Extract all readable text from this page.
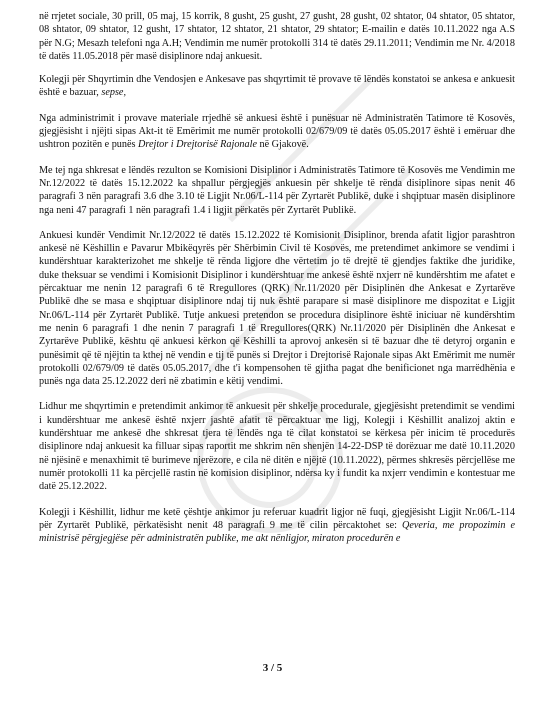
në rrjetet sociale, 30 prill, 05 maj, 15 korrik, 8 gusht, 25 gusht, 27 gusht, 28 gusht, 02 shtator, 04 shtator, 05 shtator, 08 shtator, 09 shtator, 12 gusht, 17 shtator, 12 shtator, 21 shtator, 29 shtator; E-mailin e datës 10.11.2022 nga A.S për N.G; Mesazh telefoni nga A.H; Vendimin me numër protokolli 314 të datës 29.11.2011; Vendimin me Nr. 4/2018 të datës 11.05.2018 për masë disiplinore ndaj ankuesit.

Kolegji për Shqyrtimin dhe Vendosjen e Ankesave pas shqyrtimit të provave të lëndës konstatoi se ankesa e ankuesit është e bazuar, sepse,

Nga administrimit i provave materiale rrjedhë së ankuesi është i punësuar në Administratën Tatimore të Kosovës, gjegjësisht i njëjti sipas Akt-it të Emërimit me numër protokolli 02/679/09 të datës 05.05.2017 është i emëruar dhe ushtron pozitën e punës Drejtor i Drejtorisë Rajonale në Gjakovë.

Me tej nga shkresat e lëndës rezulton se Komisioni Disiplinor i Administratës Tatimore të Kosovës me Vendimin me Nr.12/2022 të datës 15.12.2022 ka shpallur përgjegjës ankuesin për shkelje të rënda disiplinore sipas nenit 46 paragrafi 3 nën paragrafi 3.6 dhe 3.10 të Ligjit Nr.06/L-114 për Zyrtarët Publikë, duke i shqiptuar masën disiplinore nga neni 47 paragrafi 1 nën paragrafi 1.4 i ligjit përkatës për Zyrtarët Publikë.

Ankuesi kundër Vendimit Nr.12/2022 të datës 15.12.2022 të Komisionit Disiplinor, brenda afatit ligjor parashtron ankesë në Këshillin e Pavarur Mbikëqyrës për Shërbimin Civil të Kosovës, me pretendimet ankimore se vendimi i kundërshtuar karakterizohet me shkelje të rënda ligjore dhe vërtetim jo të drejtë të gjendjes faktike dhe juridike, duke theksuar se vendimi i Komisionit Disiplinor i kundërshtuar me ankesë është nxjerr në kundërshtim me afatet e përcaktuar me nenin 12 paragrafi 6 të Rregullores (QRK) Nr.11/2020 për Disiplinën dhe Ankesat e Zyrtarëve Publikë dhe se masa e shqiptuar disiplinore ndaj tij nuk është parapare si masë disiplinore me dispozitat e Ligjit Nr.06/L-114 për Zyrtarët Publikë. Tutje ankuesi pretendon se procedura disiplinore është iniciuar në kundërshtim me nenin 6 paragrafi 1 dhe nenin 7 paragrafi 1 të Rregullores(QRK) Nr.11/2020 për Disiplinën dhe Ankesat e Zyrtarëve Publikë, kështu që ankuesi kërkon që Këshilli ta aprovoj ankesën si të bazuar dhe të detyroj organin e punësimit që të njëjtin ta kthej në vendin e tij të punës si Drejtor i Drejtorisë Rajonale sipas Akt Emërimit me numër protokolli 02/679/09 të datës 05.05.2017, dhe t'i kompensohen të gjitha pagat dhe benificionet nga marrëdhënia e punës nga data 25.12.2022 deri në zbatimin e këtij vendimi.

Lidhur me shqyrtimin e pretendimit ankimor të ankuesit për shkelje procedurale, gjegjësisht pretendimit se vendimi i kundërshtuar me ankesë është nxjerr jashtë afatit të përcaktuar me ligj, Kolegji i Këshillit analizoj aktin e kundërshtuar me ankesë dhe shkresat tjera të lëndës nga të cilat konstatoi se kërkesa për inicim të procedurës disiplinore ndaj ankuesit ka filluar sipas raportit me shkrim nën shenjën 14-22-DSP të dorëzuar me datë 10.11.2020 në njësinë e menaxhimit të burimeve njerëzore, e cila në ditën e njëjtë (10.11.2022), përmes shkresës përcjellëse me numër protokolli 11 ka përcjellë rastin në komision disiplinor, ndërsa ky i fundit ka nxjerr vendimin e kontestuar me datë 25.12.2022.

Kolegji i Këshillit, lidhur me ketë çështje ankimor ju referuar kuadrit ligjor në fuqi, gjegjësisht Ligjit Nr.06/L-114 për Zyrtarët Publikë, përkatësisht nenit 48 paragrafi 9 me të cilin përcaktohet se: Qeveria, me propozimin e ministrisë përgjegjëse për administratën publike, me akt nënligjor, miraton procedurën e

3 / 5
